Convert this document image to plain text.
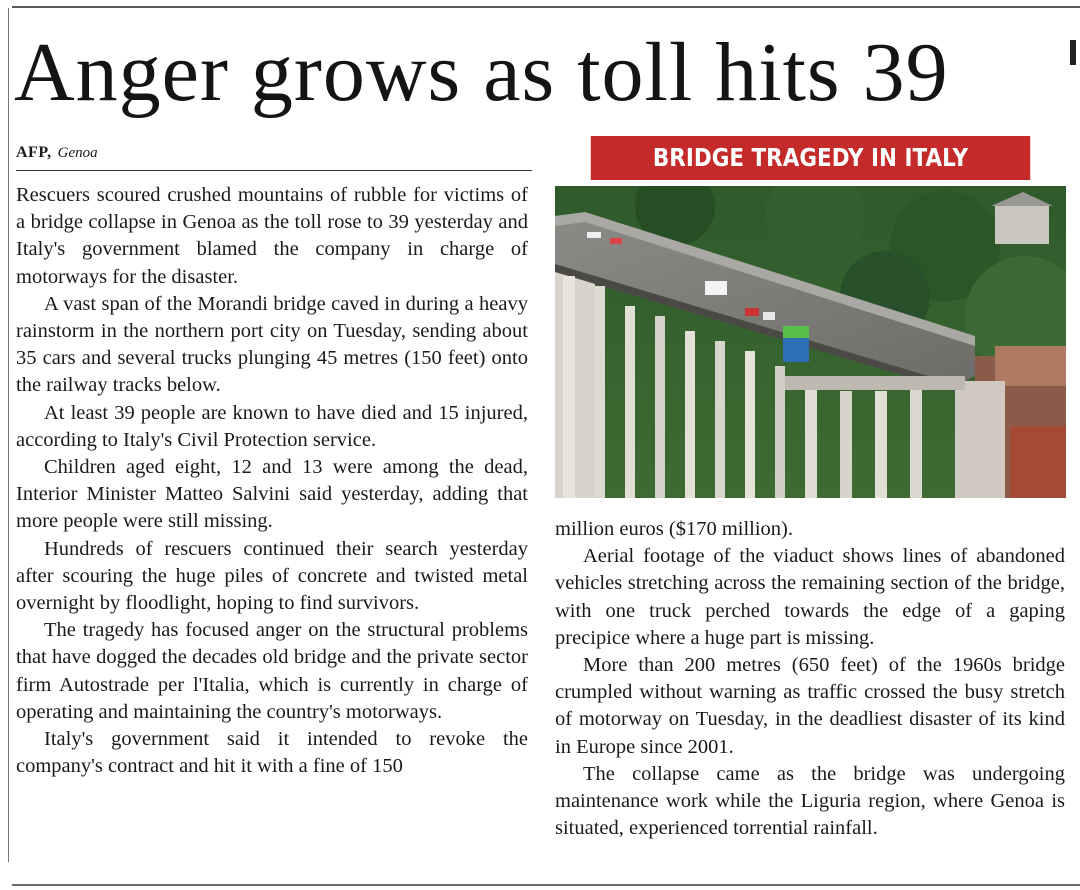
Anger grows as toll hits 39
AFP, Genoa

Rescuers scoured crushed mountains of rubble for victims of a bridge collapse in Genoa as the toll rose to 39 yesterday and Italy's government blamed the company in charge of motorways for the disaster.

A vast span of the Morandi bridge caved in during a heavy rainstorm in the northern port city on Tuesday, sending about 35 cars and several trucks plunging 45 metres (150 feet) onto the railway tracks below.

At least 39 people are known to have died and 15 injured, according to Italy's Civil Protection service.

Children aged eight, 12 and 13 were among the dead, Interior Minister Matteo Salvini said yesterday, adding that more people were still missing.

Hundreds of rescuers continued their search yesterday after scouring the huge piles of concrete and twisted metal overnight by floodlight, hoping to find survivors.

The tragedy has focused anger on the structural problems that have dogged the decades old bridge and the private sector firm Autostrade per l'Italia, which is currently in charge of operating and maintaining the country's motorways.

Italy's government said it intended to revoke the company's contract and hit it with a fine of 150

BRIDGE TRAGEDY IN ITALY

million euros ($170 million).

Aerial footage of the viaduct shows lines of abandoned vehicles stretching across the remaining section of the bridge, with one truck perched towards the edge of a gaping precipice where a huge part is missing.

More than 200 metres (650 feet) of the 1960s bridge crumpled without warning as traffic crossed the busy stretch of motorway on Tuesday, in the deadliest disaster of its kind in Europe since 2001.

The collapse came as the bridge was undergoing maintenance work while the Liguria region, where Genoa is situated, experienced torrential rainfall.
